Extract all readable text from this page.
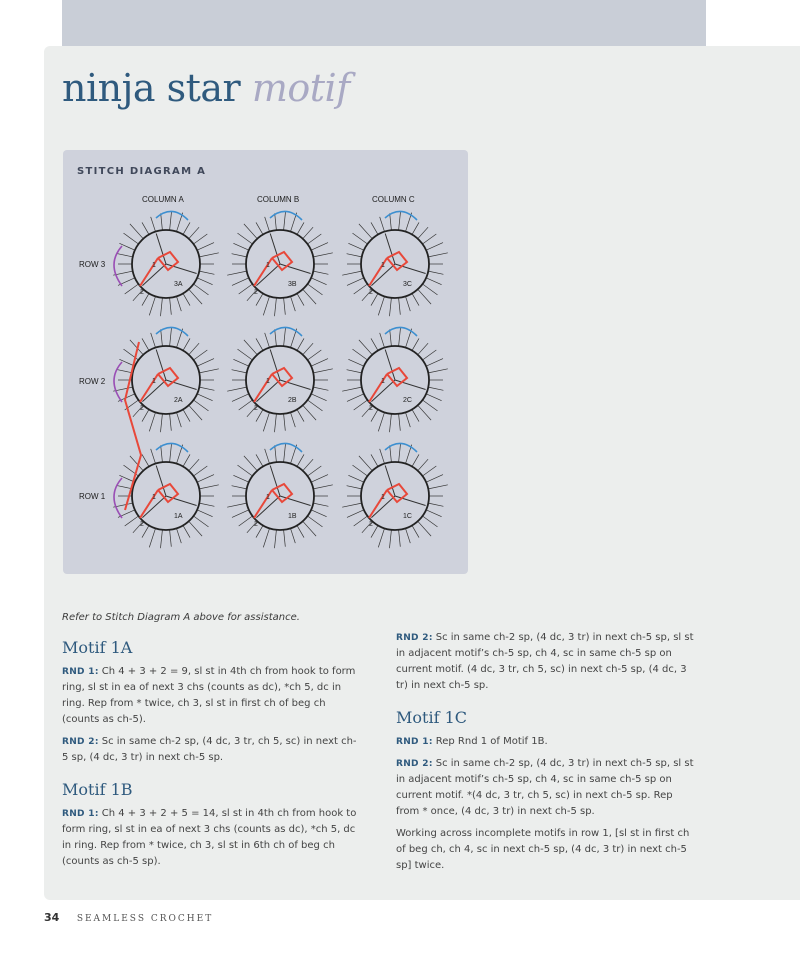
ninja star motif
STITCH DIAGRAM A
3A
1
2
3B
1
2
3C
1
2
2A
1
2
2B
1
2
2C
1
2
1A
1
2
1B
1
2
1C
1
2
COLUMN A	COLUMN B	COLUMN C
ROW 3
ROW 2
ROW 1
Refer to Stitch Diagram A above for assistance.
Motif 1A

RND 1: Ch 4 + 3 + 2 = 9, sl st in 4th ch from hook to form ring, sl st in ea of next 3 chs (counts as dc), *ch 5, dc in ring. Rep from * twice, ch 3, sl st in first ch of beg ch (counts as ch-5).

RND 2: Sc in same ch-2 sp, (4 dc, 3 tr, ch 5, sc) in next ch-5 sp, (4 dc, 3 tr) in next ch-5 sp.

Motif 1B

RND 1: Ch 4 + 3 + 2 + 5 = 14, sl st in 4th ch from hook to form ring, sl st in ea of next 3 chs (counts as dc), *ch 5, dc in ring. Rep from * twice, ch 3, sl st in 6th ch of beg ch (counts as ch-5 sp).

RND 2: Sc in same ch-2 sp, (4 dc, 3 tr) in next ch-5 sp, sl st in adjacent motif’s ch-5 sp, ch 4, sc in same ch-5 sp on current motif. (4 dc, 3 tr, ch 5, sc) in next ch-5 sp, (4 dc, 3 tr) in next ch-5 sp.

Motif 1C

RND 1: Rep Rnd 1 of Motif 1B.

RND 2: Sc in same ch-2 sp, (4 dc, 3 tr) in next ch-5 sp, sl st in adjacent motif’s ch-5 sp, ch 4, sc in same ch-5 sp on current motif. *(4 dc, 3 tr, ch 5, sc) in next ch-5 sp. Rep from * once, (4 dc, 3 tr) in next ch-5 sp.

Working across incomplete motifs in row 1, [sl st in first ch of beg ch, ch 4, sc in next ch-5 sp, (4 dc, 3 tr) in next ch-5 sp] twice.

34 SEAMLESS CROCHET
